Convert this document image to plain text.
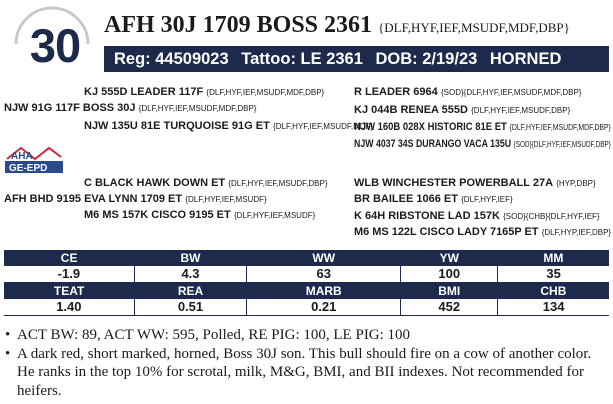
30 AFH 30J 1709 BOSS 2361 {DLF,HYF,IEF,MSUDF,MDF,DBP}
Reg: 44509023 Tattoo: LE 2361 DOB: 2/19/23 HORNED
KJ 555D LEADER 117F {DLF,HYF,IEF,MSUDF,MDF,DBP}
NJW 91G 117F BOSS 30J {DLF,HYF,IEF,MSUDF,MDF,DBP}
NJW 135U 81E TURQUOISE 91G ET {DLF,HYF,IEF,MSUDF,MDF}
R LEADER 6964 {SOD}{DLF,HYF,IEF,MSUDF,MDF,DBP}
KJ 044B RENEA 555D {DLF,HYF,IEF,MSUDF,DBP}
NJW 160B 028X HISTORIC 81E ET {DLF,HYF,IEF,MSUDF,MDF,DBP}
NJW 4037 34S DURANGO VACA 135U {SOD}{DLF,HYF,IEF,MSUDF,DBP}
AHA
GE-EPD
C BLACK HAWK DOWN ET {DLF,HYF,IEF,MSUDF,DBP}
AFH BHD 9195 EVA LYNN 1709 ET {DLF,HYF,IEF,MSUDF}
M6 MS 157K CISCO 9195 ET {DLF,HYF,IEF,MSUDF}
WLB WINCHESTER POWERBALL 27A {HYP,DBP}
BR BAILEE 1066 ET {DLF,HYF,IEF}
K 64H RIBSTONE LAD 157K {SOD}{CHB}{DLF,HYF,IEF}
M6 MS 122L CISCO LADY 7165P ET {DLF,HYP,IEF,DBP}
CE	BW	WW	YW	MM
-1.9	4.3	63	100	35
TEAT	REA	MARB	BMI	CHB
1.40	0.51	0.21	452	134
• ACT BW: 89, ACT WW: 595, Polled, RE PIG: 100, LE PIG: 100
• A dark red, short marked, horned, Boss 30J son. This bull should fire on a cow of another color. He ranks in the top 10% for scrotal, milk, M&G, BMI, and BII indexes. Not recommended for heifers.
